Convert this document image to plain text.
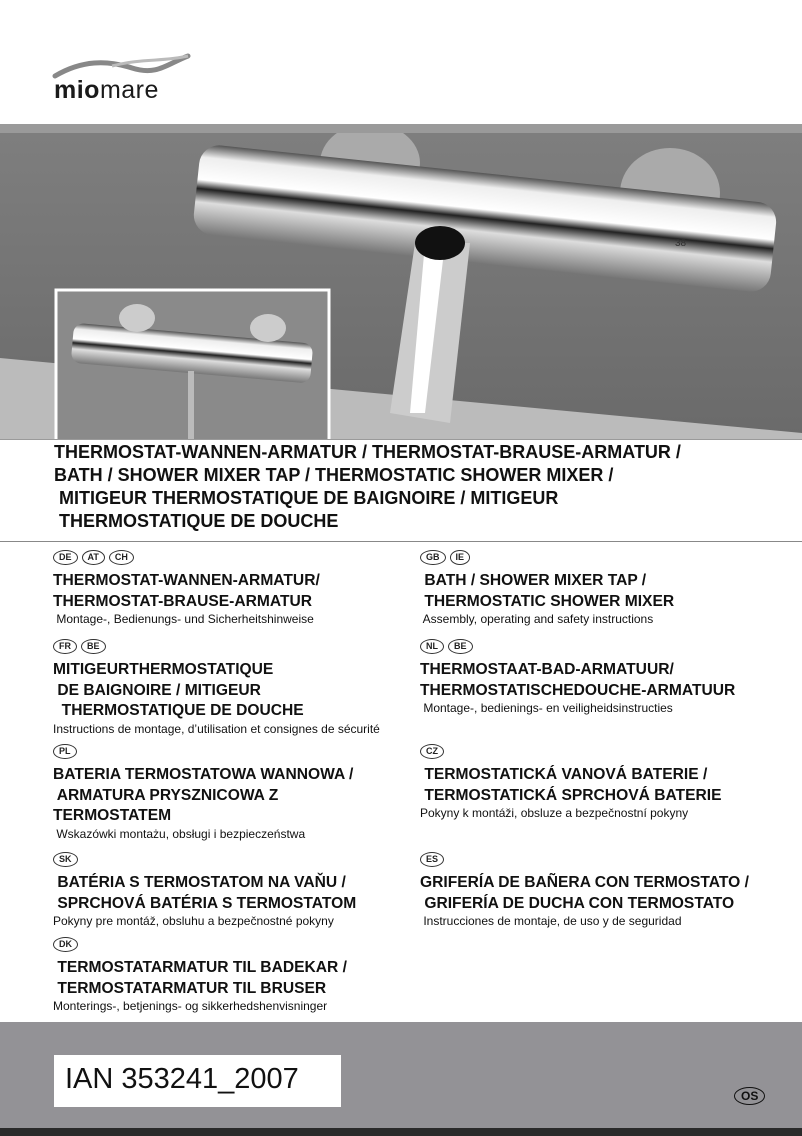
miomare
38
THERMOSTAT-WANNEN-ARMATUR / THERMOSTAT-BRAUSE-ARMATUR /
BATH / SHOWER MIXER TAP / THERMOSTATIC SHOWER MIXER /
MITIGEUR THERMOSTATIQUE DE BAIGNOIRE / MITIGEUR
THERMOSTATIQUE DE DOUCHE
DE	AT	CH
THERMOSTAT-WANNEN-ARMATUR/
THERMOSTAT-BRAUSE-ARMATUR
Montage-, Bedienungs- und Sicherheitshinweise
FR	BE
MITIGEURTHERMOSTATIQUE
DE BAIGNOIRE / MITIGEUR
THERMOSTATIQUE DE DOUCHE
Instructions de montage, d’utilisation et consignes de sécurité
PL
BATERIA TERMOSTATOWA WANNOWA /
ARMATURA PRYSZNICOWA Z
TERMOSTATEM
Wskazówki montażu, obsługi i bezpieczeństwa
SK
BATÉRIA S TERMOSTATOM NA VAŇU /
SPRCHOVÁ BATÉRIA S TERMOSTATOM
Pokyny pre montáž, obsluhu a bezpečnostné pokyny
DK
TERMOSTATARMATUR TIL BADEKAR /
TERMOSTATARMATUR TIL BRUSER
Monterings-, betjenings- og sikkerhedshenvisninger
GB	IE
BATH / SHOWER MIXER TAP /
THERMOSTATIC SHOWER MIXER
Assembly, operating and safety instructions
NL	BE
THERMOSTAAT-BAD-ARMATUUR/
THERMOSTATISCHEDOUCHE-ARMATUUR
Montage-, bedienings- en veiligheidsinstructies
CZ
TERMOSTATICKÁ VANOVÁ BATERIE /
TERMOSTATICKÁ SPRCHOVÁ BATERIE
Pokyny k montáži, obsluze a bezpečnostní pokyny
ES
GRIFERÍA DE BAÑERA CON TERMOSTATO /
GRIFERÍA DE DUCHA CON TERMOSTATO
Instrucciones de montaje, de uso y de seguridad
IAN 353241_2007
OS
